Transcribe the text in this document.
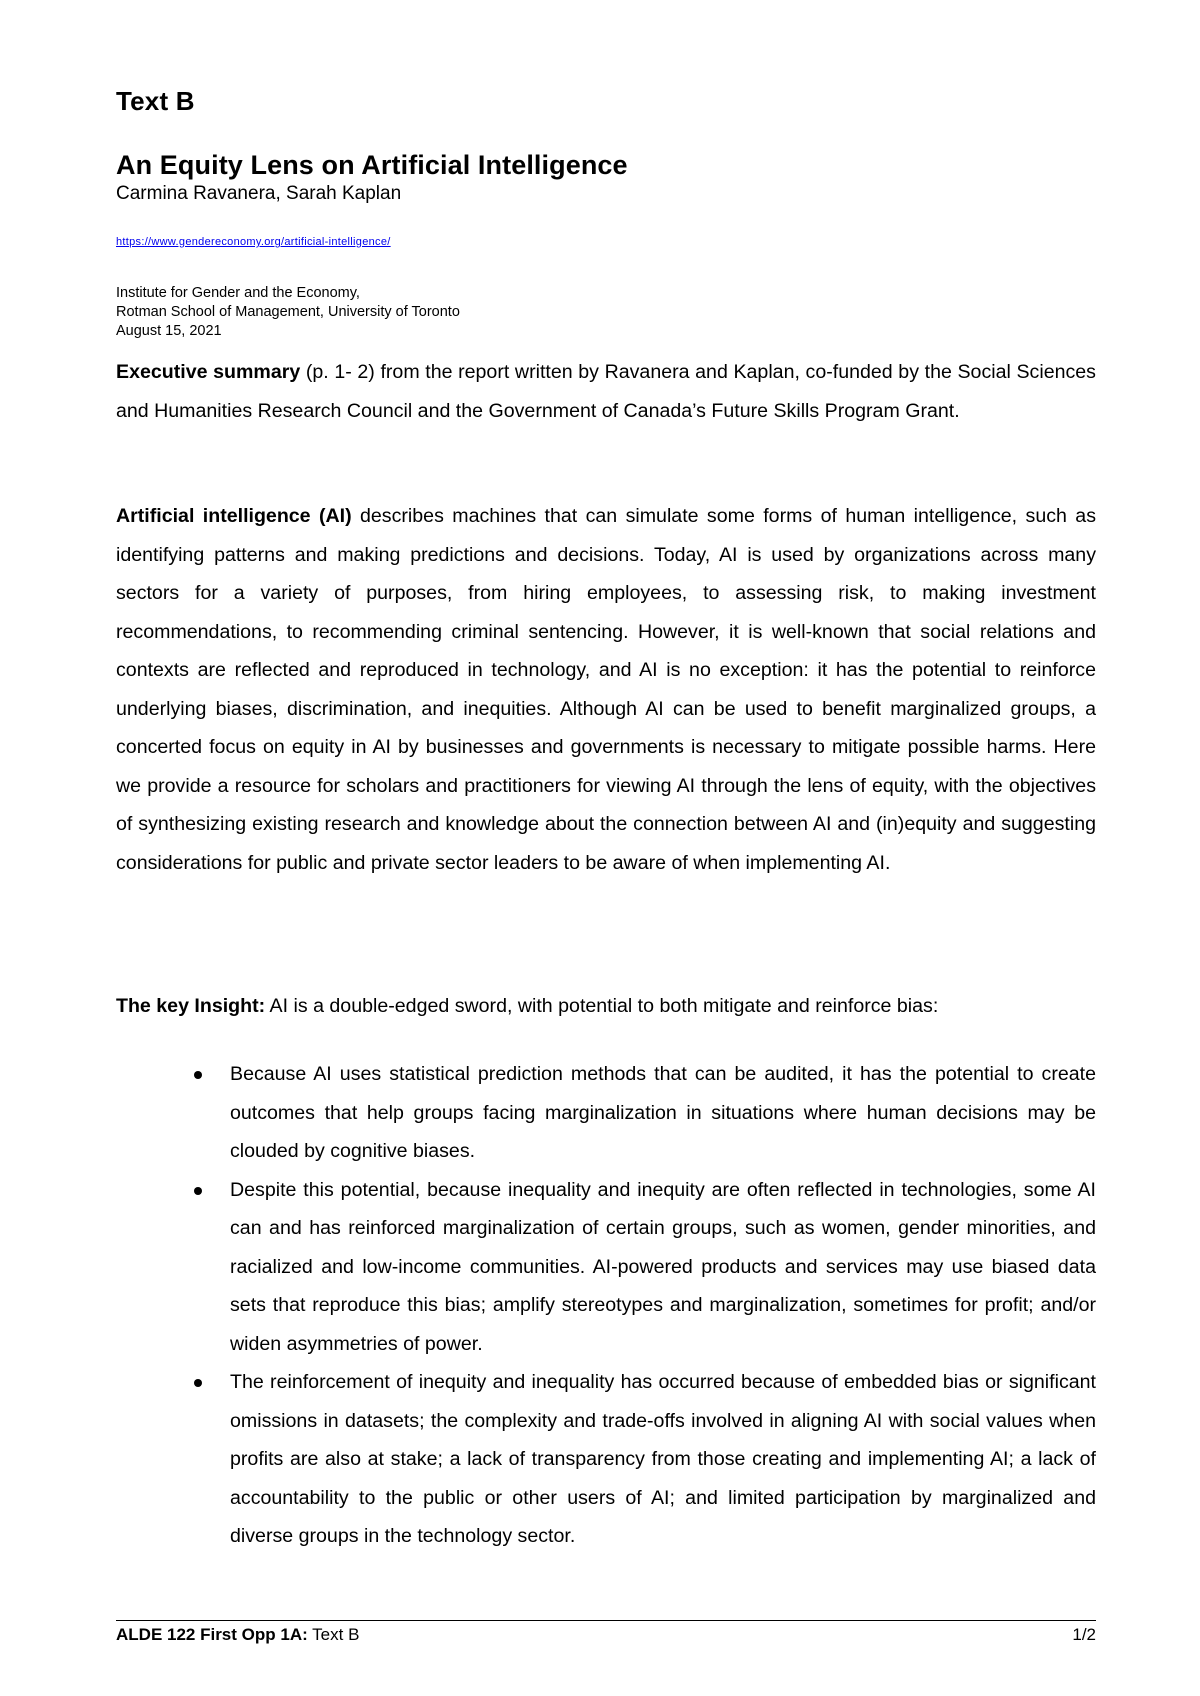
Text B
An Equity Lens on Artificial Intelligence
Carmina Ravanera, Sarah Kaplan
https://www.gendereconomy.org/artificial-intelligence/
Institute for Gender and the Economy,
Rotman School of Management, University of Toronto
August 15, 2021

Executive summary (p. 1- 2) from the report written by Ravanera and Kaplan, co-funded by the Social Sciences and Humanities Research Council and the Government of Canada’s Future Skills Program Grant.

Artificial intelligence (AI) describes machines that can simulate some forms of human intelligence, such as identifying patterns and making predictions and decisions. Today, AI is used by organizations across many sectors for a variety of purposes, from hiring employees, to assessing risk, to making investment recommendations, to recommending criminal sentencing. However, it is well-known that social relations and contexts are reflected and reproduced in technology, and AI is no exception: it has the potential to reinforce underlying biases, discrimination, and inequities. Although AI can be used to benefit marginalized groups, a concerted focus on equity in AI by businesses and governments is necessary to mitigate possible harms. Here we provide a resource for scholars and practitioners for viewing AI through the lens of equity, with the objectives of synthesizing existing research and knowledge about the connection between AI and (in)equity and suggesting considerations for public and private sector leaders to be aware of when implementing AI.

The key Insight: AI is a double-edged sword, with potential to both mitigate and reinforce bias:

Because AI uses statistical prediction methods that can be audited, it has the potential to create outcomes that help groups facing marginalization in situations where human decisions may be clouded by cognitive biases.
Despite this potential, because inequality and inequity are often reflected in technologies, some AI can and has reinforced marginalization of certain groups, such as women, gender minorities, and racialized and low-income communities. AI-powered products and services may use biased data sets that reproduce this bias; amplify stereotypes and marginalization, sometimes for profit; and/or widen asymmetries of power.
The reinforcement of inequity and inequality has occurred because of embedded bias or significant omissions in datasets; the complexity and trade-offs involved in aligning AI with social values when profits are also at stake; a lack of transparency from those creating and implementing AI; a lack of accountability to the public or other users of AI; and limited participation by marginalized and diverse groups in the technology sector.
ALDE 122 First Opp 1A: Text B	1/2
